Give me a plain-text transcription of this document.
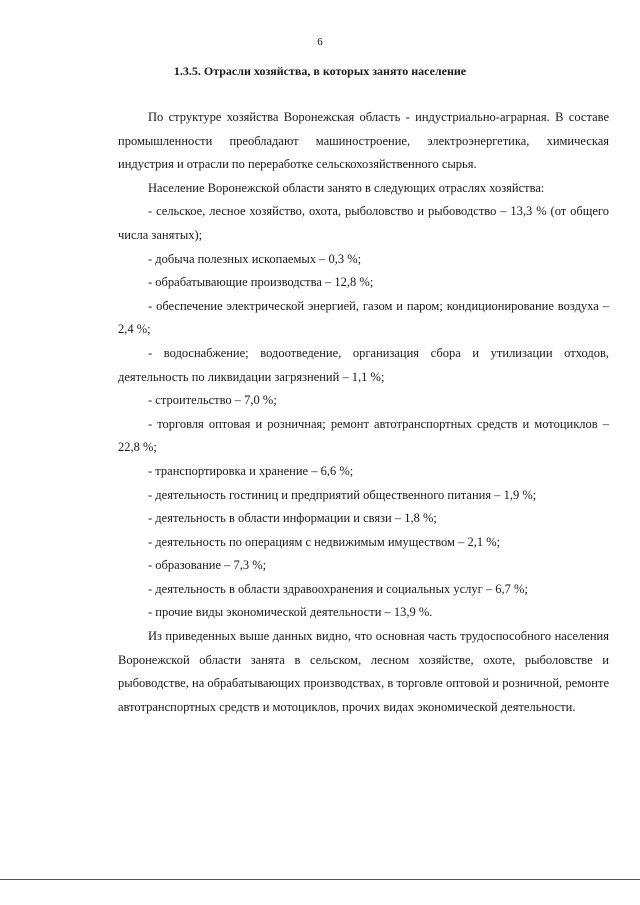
6
1.3.5. Отрасли хозяйства, в которых занято население

По структуре хозяйства Воронежская область - индустриально-аграрная. В составе промышленности преобладают машиностроение, электроэнергетика, химическая индустрия и отрасли по переработке сельскохозяйственного сырья.

Население Воронежской области занято в следующих отраслях хозяйства:

- сельское, лесное хозяйство, охота, рыболовство и рыбоводство – 13,3 % (от общего числа занятых);

- добыча полезных ископаемых – 0,3 %;

- обрабатывающие производства – 12,8 %;

- обеспечение электрической энергией, газом и паром; кондиционирование воздуха – 2,4 %;

- водоснабжение; водоотведение, организация сбора и утилизации отходов, деятельность по ликвидации загрязнений – 1,1 %;

- строительство – 7,0 %;

- торговля оптовая и розничная; ремонт автотранспортных средств и мотоциклов – 22,8 %;

- транспортировка и хранение – 6,6 %;

- деятельность гостиниц и предприятий общественного питания – 1,9 %;

- деятельность в области информации и связи – 1,8 %;

- деятельность по операциям с недвижимым имуществом – 2,1 %;

- образование – 7,3 %;

- деятельность в области здравоохранения и социальных услуг – 6,7 %;

- прочие виды экономической деятельности – 13,9 %.

Из приведенных выше данных видно, что основная часть трудоспособного населения Воронежской области занята в сельском, лесном хозяйстве, охоте, рыболовстве и рыбоводстве, на обрабатывающих производствах, в торговле оптовой и розничной, ремонте автотранспортных средств и мотоциклов, прочих видах экономической деятельности.
